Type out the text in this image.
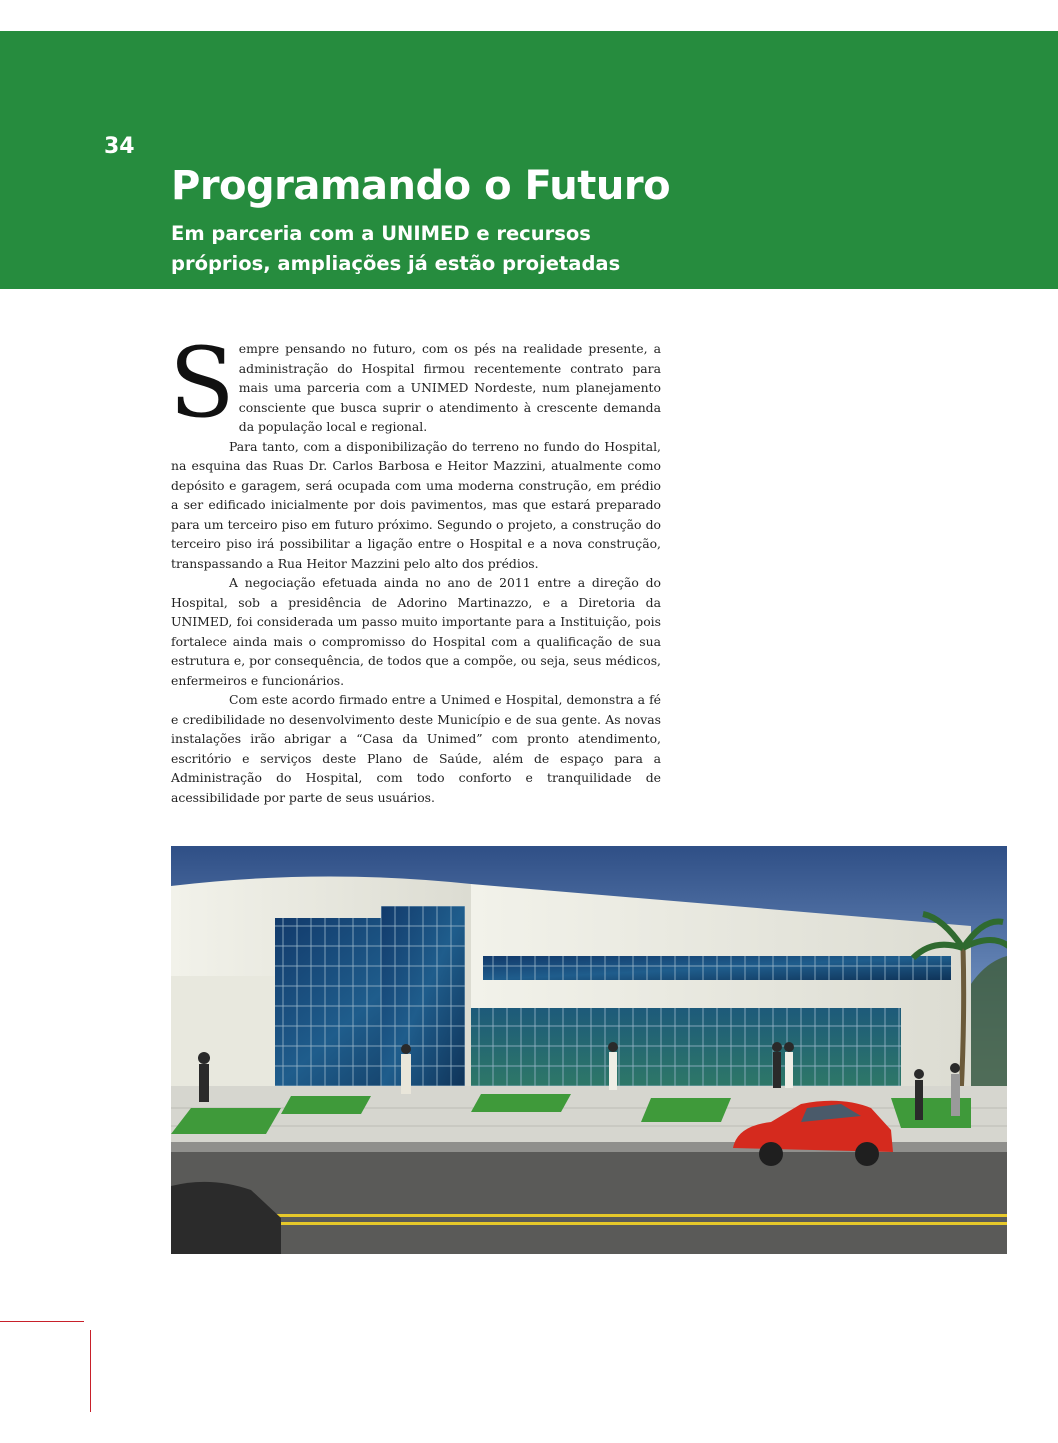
34
Programando o Futuro

Em parceria com a UNIMED e recursos
próprios, ampliações já estão projetadas

Sempre pensando no futuro, com os pés na realidade presente, a administração do Hospital firmou recentemente contrato para mais uma parceria com a UNIMED Nordeste, num planejamento consciente que busca suprir o atendimento à crescente demanda da população local e regional.

Para tanto, com a disponibilização do terreno no fundo do Hospital, na esquina das Ruas Dr. Carlos Barbosa e Heitor Mazzini, atualmente como depósito e garagem, será ocupada com uma moderna construção, em prédio a ser edificado inicialmente por dois pavimentos, mas que estará preparado para um terceiro piso em futuro próximo. Segundo o projeto, a construção do terceiro piso irá possibilitar a ligação entre o Hospital e a nova construção, transpassando a Rua Heitor Mazzini pelo alto dos prédios.

A negociação efetuada ainda no ano de 2011 entre a direção do Hospital, sob a presidência de Adorino Martinazzo, e a Diretoria da UNIMED, foi considerada um passo muito importante para a Instituição, pois fortalece ainda mais o compromisso do Hospital com a qualificação de sua estrutura e, por consequência, de todos que a compõe, ou seja, seus médicos, enfermeiros e funcionários.

Com este acordo firmado entre a Unimed e Hospital, demonstra a fé e credibilidade no desenvolvimento deste Município e de sua gente. As novas instalações irão abrigar a “Casa da Unimed” com pronto atendimento, escritório e serviços deste Plano de Saúde, além de espaço para a Administração do Hospital, com todo conforto e tranquilidade de acessibilidade por parte de seus usuários.
